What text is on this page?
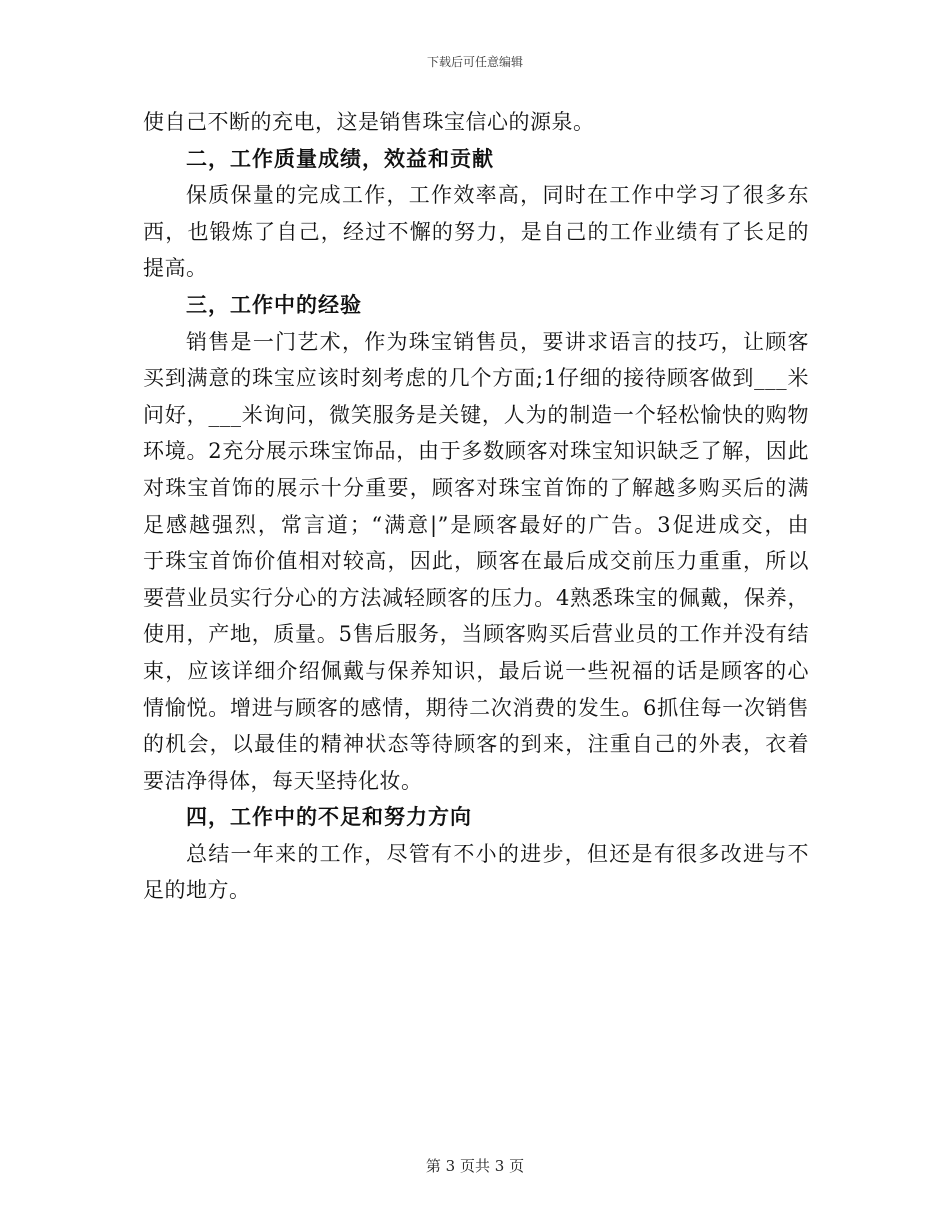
下载后可任意编辑
使自己不断的充电，这是销售珠宝信心的源泉。
二，工作质量成绩，效益和贡献
保质保量的完成工作，工作效率高，同时在工作中学习了很多东
西，也锻炼了自己，经过不懈的努力，是自己的工作业绩有了长足的
提高。
三，工作中的经验
销售是一门艺术，作为珠宝销售员，要讲求语言的技巧，让顾客
买到满意的珠宝应该时刻考虑的几个方面;1仔细的接待顾客做到___米
问好，___米询问，微笑服务是关键，人为的制造一个轻松愉快的购物
环境。2充分展示珠宝饰品，由于多数顾客对珠宝知识缺乏了解，因此
对珠宝首饰的展示十分重要，顾客对珠宝首饰的了解越多购买后的满
足感越强烈，常言道；“满意|”是顾客最好的广告。3促进成交，由
于珠宝首饰价值相对较高，因此，顾客在最后成交前压力重重，所以
要营业员实行分心的方法减轻顾客的压力。4熟悉珠宝的佩戴，保养，
使用，产地，质量。5售后服务，当顾客购买后营业员的工作并没有结
束，应该详细介绍佩戴与保养知识，最后说一些祝福的话是顾客的心
情愉悦。增进与顾客的感情，期待二次消费的发生。6抓住每一次销售
的机会，以最佳的精神状态等待顾客的到来，注重自己的外表，衣着
要洁净得体，每天坚持化妆。
四，工作中的不足和努力方向
总结一年来的工作，尽管有不小的进步，但还是有很多改进与不
足的地方。
第 3 页共 3 页
